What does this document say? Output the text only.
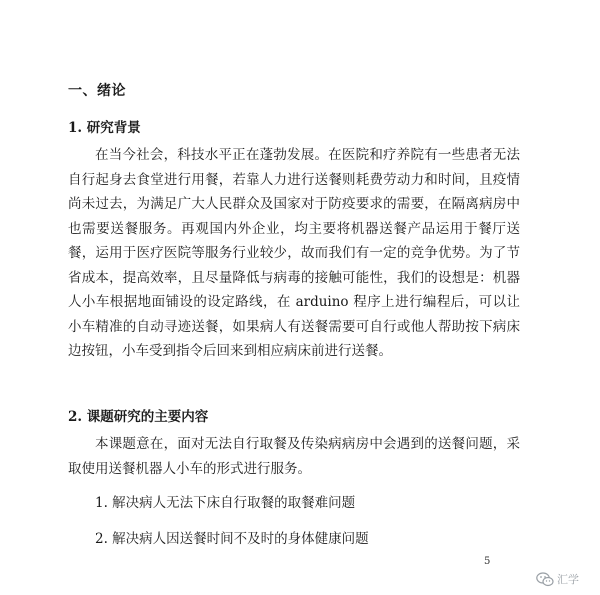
一、绪论
1. 研究背景

在当今社会，科技水平正在蓬勃发展。在医院和疗养院有一些患者无法自行起身去食堂进行用餐，若靠人力进行送餐则耗费劳动力和时间，且疫情尚未过去，为满足广大人民群众及国家对于防疫要求的需要，在隔离病房中也需要送餐服务。再观国内外企业，均主要将机器送餐产品运用于餐厅送餐，运用于医疗医院等服务行业较少，故而我们有一定的竞争优势。为了节省成本，提高效率，且尽量降低与病毒的接触可能性，我们的设想是：机器人小车根据地面铺设的设定路线，在 arduino 程序上进行编程后，可以让小车精准的自动寻迹送餐，如果病人有送餐需要可自行或他人帮助按下病床边按钮，小车受到指令后回来到相应病床前进行送餐。

2. 课题研究的主要内容

本课题意在，面对无法自行取餐及传染病病房中会遇到的送餐问题，采取使用送餐机器人小车的形式进行服务。

1. 解决病人无法下床自行取餐的取餐难问题
2. 解决病人因送餐时间不及时的身体健康问题
5
汇学
